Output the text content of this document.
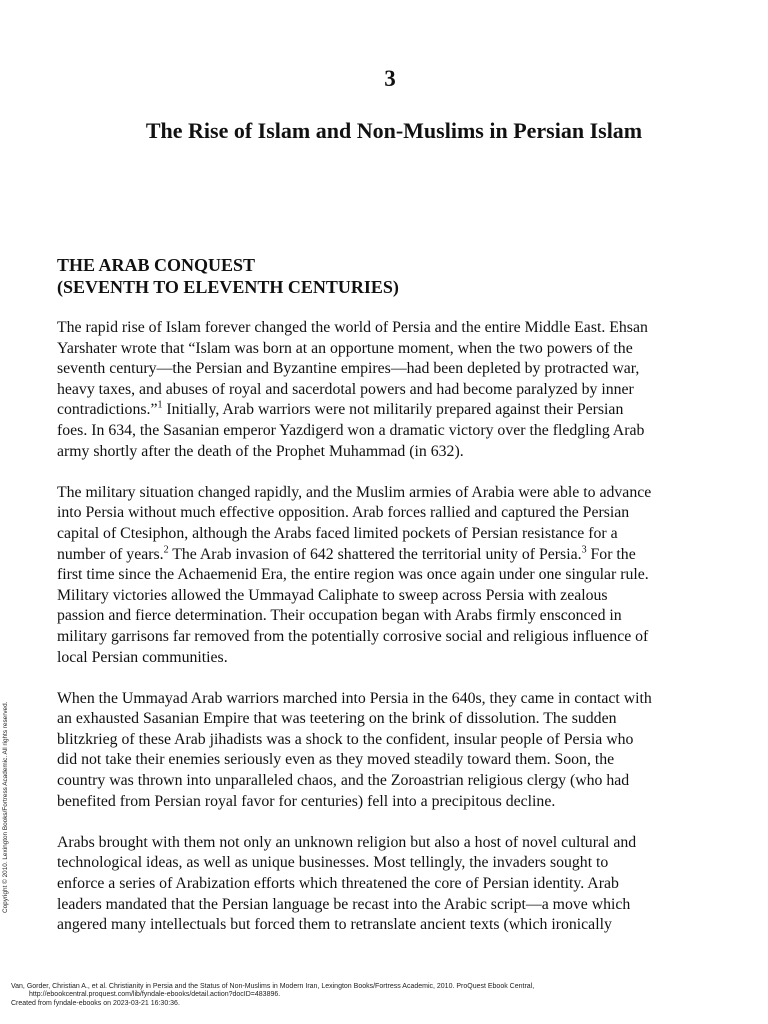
3
The Rise of Islam and Non-Muslims in Persian Islam
THE ARAB CONQUEST
(SEVENTH TO ELEVENTH CENTURIES)

The rapid rise of Islam forever changed the world of Persia and the entire Middle East. Ehsan
Yarshater wrote that “Islam was born at an opportune moment, when the two powers of the
seventh century—the Persian and Byzantine empires—had been depleted by protracted war,
heavy taxes, and abuses of royal and sacerdotal powers and had become paralyzed by inner
contradictions.”$^1$ Initially, Arab warriors were not militarily prepared against their Persian
foes. In 634, the Sasanian emperor Yazdigerd won a dramatic victory over the fledgling Arab
army shortly after the death of the Prophet Muhammad (in 632).

The military situation changed rapidly, and the Muslim armies of Arabia were able to advance
into Persia without much effective opposition. Arab forces rallied and captured the Persian
capital of Ctesiphon, although the Arabs faced limited pockets of Persian resistance for a
number of years.$^2$ The Arab invasion of 642 shattered the territorial unity of Persia.$^3$ For the
first time since the Achaemenid Era, the entire region was once again under one singular rule.
Military victories allowed the Ummayad Caliphate to sweep across Persia with zealous
passion and fierce determination. Their occupation began with Arabs firmly ensconced in
military garrisons far removed from the potentially corrosive social and religious influence of
local Persian communities.

When the Ummayad Arab warriors marched into Persia in the 640s, they came in contact with
an exhausted Sasanian Empire that was teetering on the brink of dissolution. The sudden
blitzkrieg of these Arab jihadists was a shock to the confident, insular people of Persia who
did not take their enemies seriously even as they moved steadily toward them. Soon, the
country was thrown into unparalleled chaos, and the Zoroastrian religious clergy (who had
benefited from Persian royal favor for centuries) fell into a precipitous decline.

Arabs brought with them not only an unknown religion but also a host of novel cultural and
technological ideas, as well as unique businesses. Most tellingly, the invaders sought to
enforce a series of Arabization efforts which threatened the core of Persian identity. Arab
leaders mandated that the Persian language be recast into the Arabic script—a move which
angered many intellectuals but forced them to retranslate ancient texts (which ironically

Copyright © 2010. Lexington Books/Fortress Academic. All rights reserved.
Van, Gorder, Christian A., et al. Christianity in Persia and the Status of Non-Muslims in Modern Iran, Lexington Books/Fortress Academic, 2010. ProQuest Ebook Central,
http://ebookcentral.proquest.com/lib/fyndale-ebooks/detail.action?docID=483896.
Created from fyndale-ebooks on 2023-03-21 16:30:36.
